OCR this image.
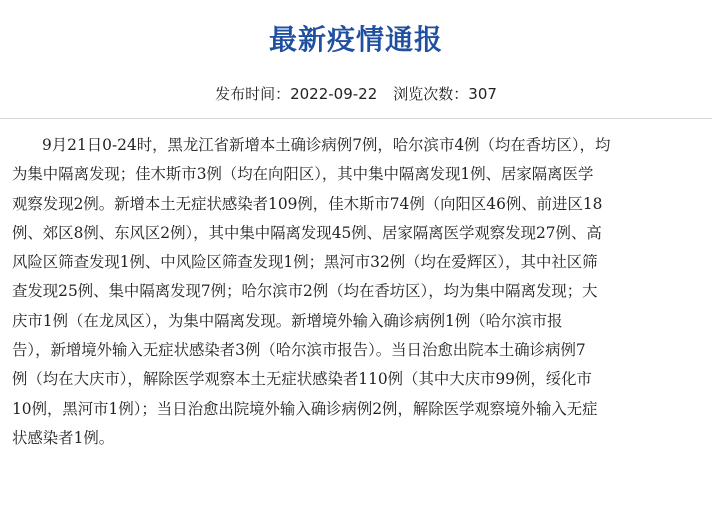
最新疫情通报
发布时间：2022-09-22 浏览次数：307
9月21日0-24时，黑龙江省新增本土确诊病例7例，哈尔滨市4例（均在香坊区），均
为集中隔离发现；佳木斯市3例（均在向阳区），其中集中隔离发现1例、居家隔离医学
观察发现2例。新增本土无症状感染者109例，佳木斯市74例（向阳区46例、前进区18
例、郊区8例、东风区2例），其中集中隔离发现45例、居家隔离医学观察发现27例、高
风险区筛查发现1例、中风险区筛查发现1例；黑河市32例（均在爱辉区），其中社区筛
查发现25例、集中隔离发现7例；哈尔滨市2例（均在香坊区），均为集中隔离发现；大
庆市1例（在龙凤区），为集中隔离发现。新增境外输入确诊病例1例（哈尔滨市报
告），新增境外输入无症状感染者3例（哈尔滨市报告）。当日治愈出院本土确诊病例7
例（均在大庆市），解除医学观察本土无症状感染者110例（其中大庆市99例，绥化市
10例，黑河市1例）；当日治愈出院境外输入确诊病例2例，解除医学观察境外输入无症
状感染者1例。
